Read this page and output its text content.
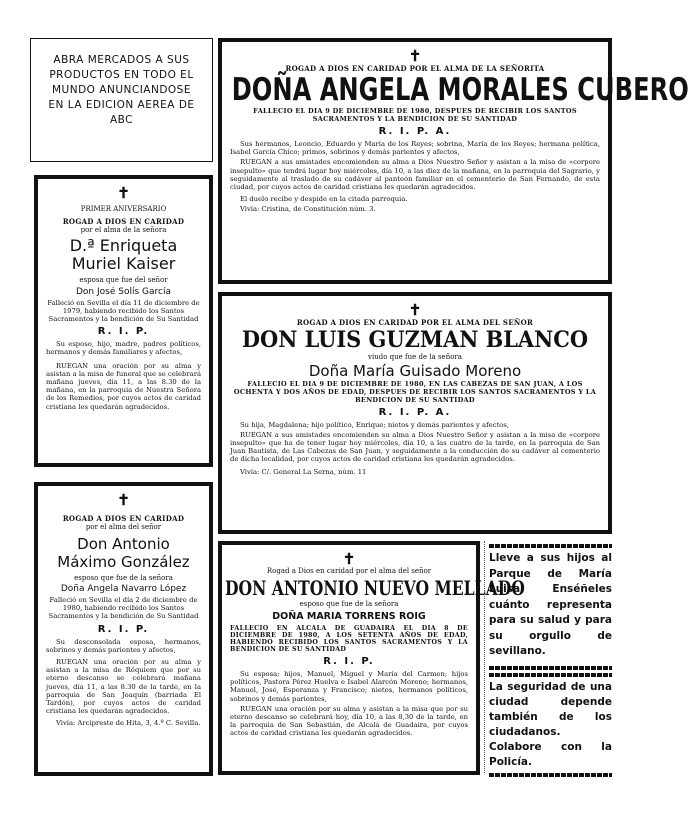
ABRA MERCADOS A SUS PRODUCTOS EN TODO EL MUNDO ANUNCIANDOSE EN LA EDICION AEREA DE ABC
✝
ROGAD A DIOS EN CARIDAD POR EL ALMA DE LA SEÑORITA
DOÑA ANGELA MORALES CUBERO
FALLECIO EL DIA 9 DE DICIEMBRE DE 1980, DESPUES DE RECIBIR LOS SANTOS SACRAMENTOS Y LA BENDICION DE SU SANTIDAD
R. I. P. A.
Sus hermanos, Leoncio, Eduardo y María de los Reyes; sobrina, María de los Reyes; hermana política, Isabel García Chico; primos, sobrinos y demás parientes y afectos,
RUEGAN a sus amistades encomienden su alma a Dios Nuestro Señor y asistan a la misa de «corpore insepulto» que tendrá lugar hoy miércoles, día 10, a las diez de la mañana, en la parroquia del Sagrario, y seguidamente al traslado de su cadáver al panteón familiar en el cementerio de San Fernando, de esta ciudad, por cuyos actos de caridad cristiana les quedarán agradecidos.
El duelo recibe y despide en la citada parroquia.
Vivía: Cristina, de Constitución núm. 3.
✝
PRIMER ANIVERSARIO
ROGAD A DIOS EN CARIDAD
por el alma de la señora
D.ª Enriqueta Muriel Kaiser
esposa que fue del señor
Don José Solís García
Falleció en Sevilla el día 11 de diciembre de 1979, habiendo recibido los Santos Sacramentos y la bendición de Su Santidad
R. I. P.
Su esposo, hijo, madre, padres políticos, hermanos y demás familiares y afectos,
RUEGAN una oración por su alma y asistan a la misa de funeral que se celebrará mañana jueves, día 11, a las 8.30 de la mañana, en la parroquia de Nuestra Señora de los Remedios, por cuyos actos de caridad cristiana les quedarán agradecidos.
✝
ROGAD A DIOS EN CARIDAD POR EL ALMA DEL SEÑOR
DON LUIS GUZMAN BLANCO
viudo que fue de la señora
Doña María Guisado Moreno
FALLECIO EL DIA 9 DE DICIEMBRE DE 1980, EN LAS CABEZAS DE SAN JUAN, A LOS OCHENTA Y DOS AÑOS DE EDAD, DESPUES DE RECIBIR LOS SANTOS SACRAMENTOS Y LA BENDICION DE SU SANTIDAD
R. I. P. A.
Su hija, Magdalena; hijo político, Enrique; nietos y demás parientes y afectos,
RUEGAN a sus amistades encomienden su alma a Dios Nuestro Señor y asistan a la misa de «corpore insepulto» que ha de tener lugar hoy miércoles, día 10, a las cuatro de la tarde, en la parroquia de San Juan Bautista, de Las Cabezas de San Juan, y seguidamente a la conducción de su cadáver al cementerio de dicha localidad, por cuyos actos de caridad cristiana les quedarán agradecidos.
Vivía: C/. General La Serna, núm. 11
✝
ROGAD A DIOS EN CARIDAD
por el alma del señor
Don Antonio Máximo González
esposo que fue de la señora
Doña Angela Navarro López
Falleció en Sevilla el día 2 de diciembre de 1980, habiendo recibido los Santos Sacramentos y la bendición de Su Santidad
R. I. P.
Su desconsolada esposa, hermanos, sobrinos y demás parientes y afectos,
RUEGAN una oración por su alma y asistan a la misa de Réquiem que por su eterno descanso se celebrará mañana jueves, día 11, a las 8.30 de la tarde, en la parroquia de San Joaquín (barriada El Tardón), por cuyos actos de caridad cristiana les quedarán agradecidos.
Vivía: Arcipreste de Hita, 3, 4.º C. Sevilla.
✝
Rogad a Dios en caridad por el alma del señor
DON ANTONIO NUEVO MELLADO
esposo que fue de la señora
DOÑA MARIA TORRENS ROIG
FALLECIO EN ALCALA DE GUADAIRA EL DIA 8 DE DICIEMBRE DE 1980, A LOS SETENTA AÑOS DE EDAD, HABIENDO RECIBIDO LOS SANTOS SACRAMENTOS Y LA BENDICION DE SU SANTIDAD
R. I. P.
Su esposa; hijos, Manuel, Miguel y María del Carmen; hijos políticos, Pastora Pérez Huelva e Isabel Alarcón Moreno; hermanos, Manuel, José, Esperanza y Francisco; nietos, hermanos políticos, sobrinos y demás parientes,
RUEGAN una oración por su alma y asistan a la misa que por su eterno descanso se celebrará hoy, día 10, a las 8,30 de la tarde, en la parroquia de San Sebastián, de Alcalá de Guadaira, por cuyos actos de caridad cristiana les quedarán agradecidos.
Lleve a sus hijos al Parque de María Luisa. Enséñeles cuánto representa para su salud y para su orgullo de sevillano.
La seguridad de una ciudad depende también de los ciudadanos. Colabore con la Policía.
